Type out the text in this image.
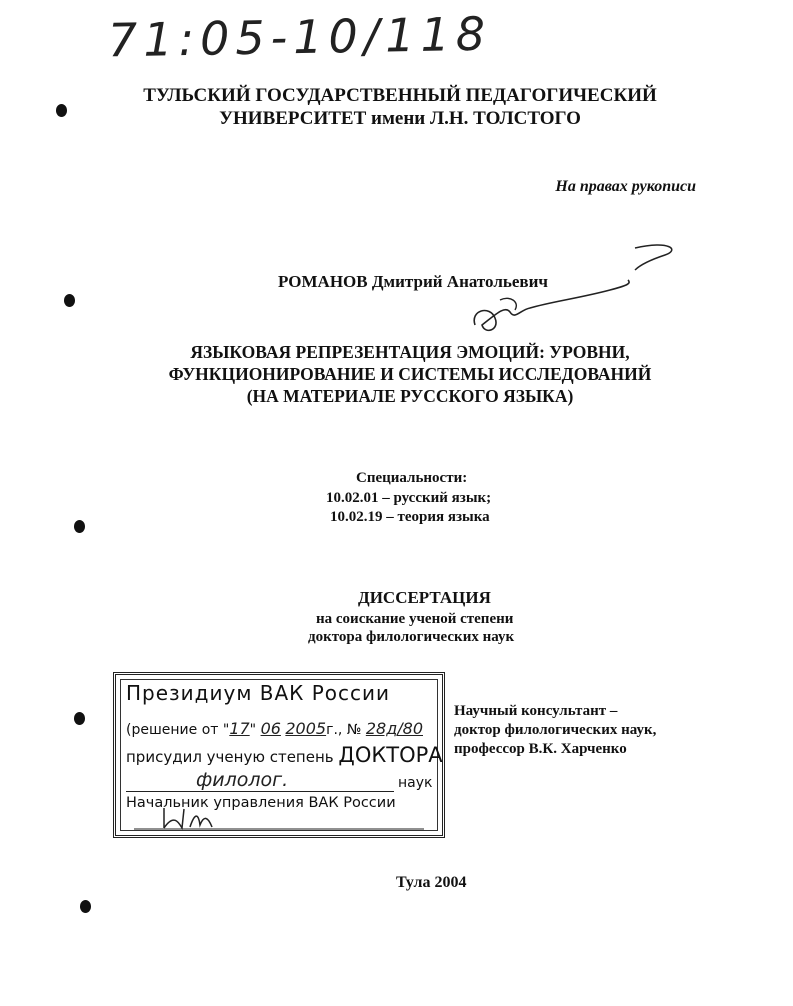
71:05-10/118
ТУЛЬСКИЙ ГОСУДАРСТВЕННЫЙ ПЕДАГОГИЧЕСКИЙ
УНИВЕРСИТЕТ имени Л.Н. ТОЛСТОГО
На правах рукописи
РОМАНОВ Дмитрий Анатольевич
ЯЗЫКОВАЯ РЕПРЕЗЕНТАЦИЯ ЭМОЦИЙ: УРОВНИ,
ФУНКЦИОНИРОВАНИЕ И СИСТЕМЫ ИССЛЕДОВАНИЙ
(НА МАТЕРИАЛЕ РУССКОГО ЯЗЫКА)
Специальности:
10.02.01 – русский язык;
10.02.19 – теория языка
ДИССЕРТАЦИЯ
на соискание ученой степени
доктора филологических наук
Президиум ВАК России
(решение от "17" 06 2005г., № 28д/80
присудил ученую степень ДОКТОРА
филолог.	наук
Начальник управления ВАК России
Научный консультант –
доктор филологических наук,
профессор В.К. Харченко
Тула 2004
